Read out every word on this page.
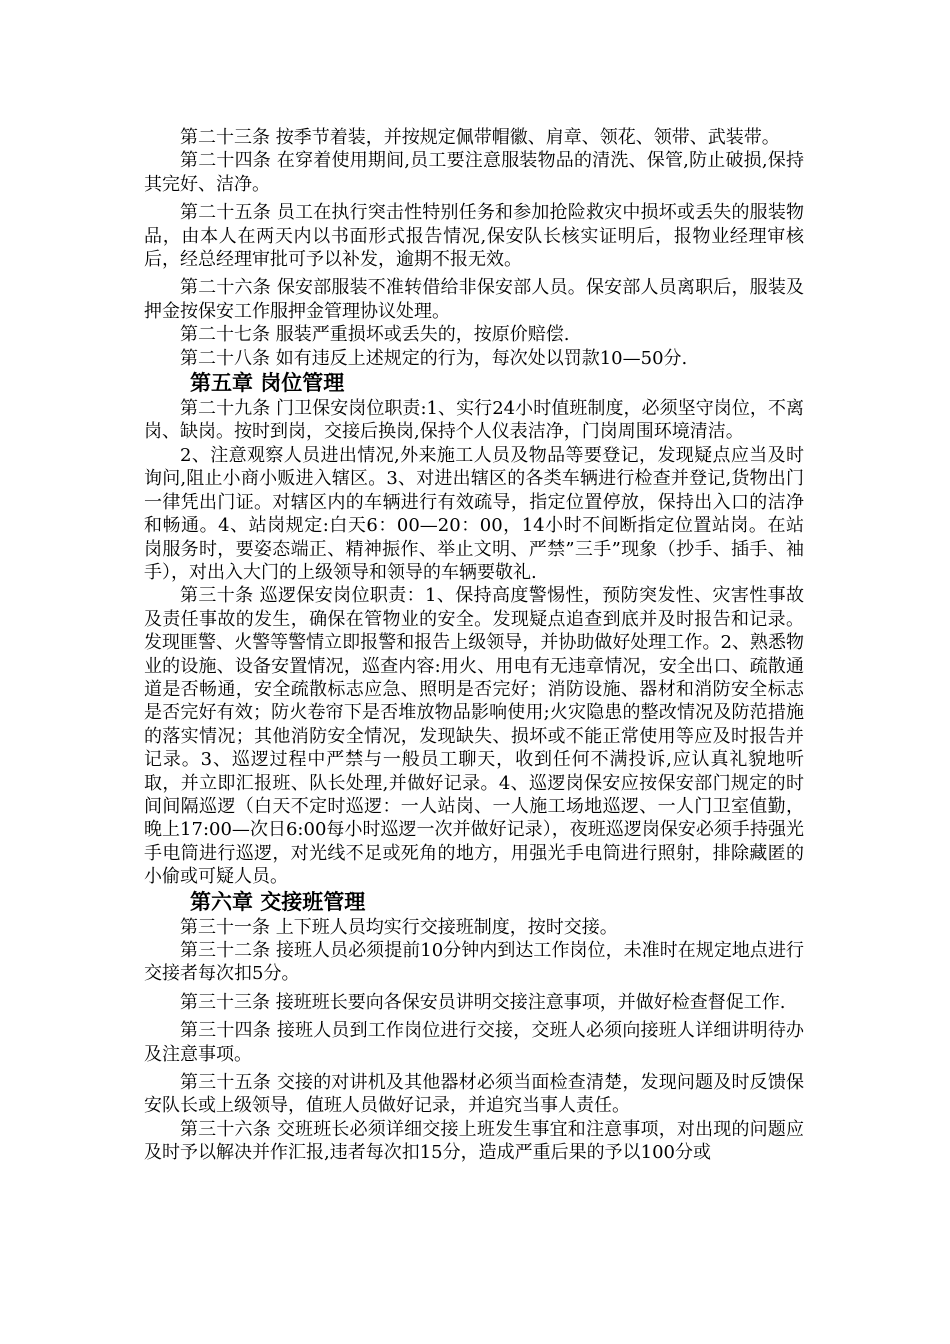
第二十三条 按季节着装，并按规定佩带帽徽、肩章、领花、领带、武装带。

第二十四条 在穿着使用期间,员工要注意服装物品的清洗、保管,防止破损,保持其完好、洁净。

第二十五条 员工在执行突击性特别任务和参加抢险救灾中损坏或丢失的服装物品，由本人在两天内以书面形式报告情况,保安队长核实证明后，报物业经理审核后，经总经理审批可予以补发，逾期不报无效。

第二十六条 保安部服装不准转借给非保安部人员。保安部人员离职后，服装及押金按保安工作服押金管理协议处理。

第二十七条 服装严重损坏或丢失的，按原价赔偿.

第二十八条 如有违反上述规定的行为，每次处以罚款10—50分.

第五章 岗位管理

第二十九条 门卫保安岗位职责:1、实行24小时值班制度，必须坚守岗位，不离岗、缺岗。按时到岗，交接后换岗,保持个人仪表洁净，门岗周围环境清洁。

2、注意观察人员进出情况,外来施工人员及物品等要登记，发现疑点应当及时询问,阻止小商小贩进入辖区。3、对进出辖区的各类车辆进行检查并登记,货物出门一律凭出门证。对辖区内的车辆进行有效疏导，指定位置停放，保持出入口的洁净和畅通。4、站岗规定:白天6：00—20：00，14小时不间断指定位置站岗。在站岗服务时，要姿态端正、精神振作、举止文明、严禁”三手”现象（抄手、插手、袖手），对出入大门的上级领导和领导的车辆要敬礼.

第三十条 巡逻保安岗位职责：1、保持高度警惕性，预防突发性、灾害性事故及责任事故的发生，确保在管物业的安全。发现疑点追查到底并及时报告和记录。发现匪警、火警等警情立即报警和报告上级领导，并协助做好处理工作。2、熟悉物业的设施、设备安置情况，巡查内容:用火、用电有无违章情况，安全出口、疏散通道是否畅通，安全疏散标志应急、照明是否完好；消防设施、器材和消防安全标志是否完好有效；防火卷帘下是否堆放物品影响使用;火灾隐患的整改情况及防范措施的落实情况；其他消防安全情况，发现缺失、损坏或不能正常使用等应及时报告并记录。3、巡逻过程中严禁与一般员工聊天，收到任何不满投诉,应认真礼貌地听取，并立即汇报班、队长处理,并做好记录。4、巡逻岗保安应按保安部门规定的时间间隔巡逻（白天不定时巡逻：一人站岗、一人施工场地巡逻、一人门卫室值勤，晚上17:00—次日6:00每小时巡逻一次并做好记录），夜班巡逻岗保安必须手持强光手电筒进行巡逻，对光线不足或死角的地方，用强光手电筒进行照射，排除藏匿的小偷或可疑人员。

第六章 交接班管理

第三十一条 上下班人员均实行交接班制度，按时交接。

第三十二条 接班人员必须提前10分钟内到达工作岗位，未准时在规定地点进行交接者每次扣5分。

第三十三条 接班班长要向各保安员讲明交接注意事项，并做好检查督促工作.

第三十四条 接班人员到工作岗位进行交接，交班人必须向接班人详细讲明待办及注意事项。

第三十五条 交接的对讲机及其他器材必须当面检查清楚，发现问题及时反馈保安队长或上级领导，值班人员做好记录，并追究当事人责任。

第三十六条 交班班长必须详细交接上班发生事宜和注意事项，对出现的问题应及时予以解决并作汇报,违者每次扣15分，造成严重后果的予以100分或
